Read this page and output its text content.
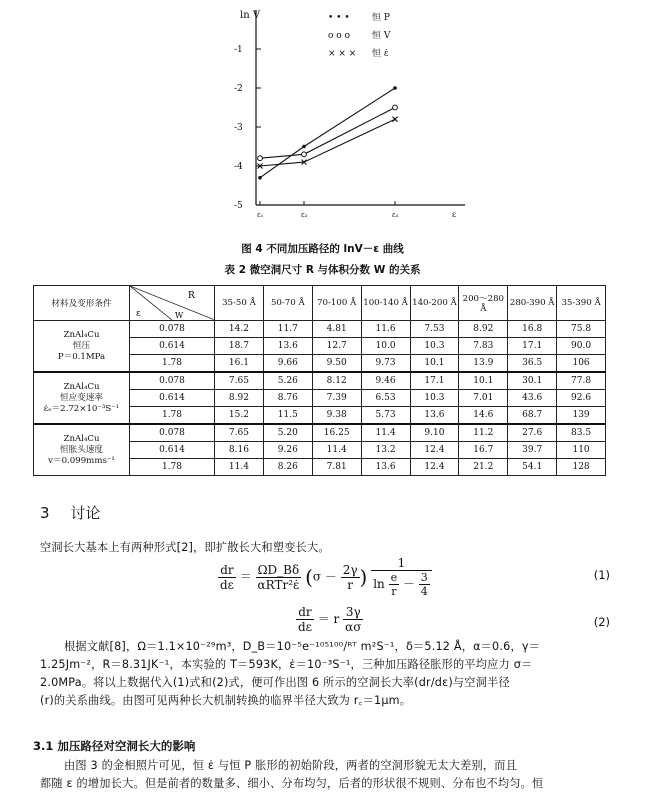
ln V
-1
-2
-3
-4
-5
ε₁	ε₂	ε₃	ε
• • • 恒 P
o o o 恒 V
× × × 恒 ε̇
图 4 不同加压路径的 lnV－ε 曲线
表 2 微空洞尺寸 R 与体积分数 W 的关系
材料及变形条件	R
ε W	35-50 Å	50-70 Å	70-100 Å	100-140 Å	140-200 Å	200～280 Å	280-390 Å	35-390 Å

ZnAl₄Cu
恒压
P＝0.1MPa	0.078	14.2	11.7	4.81	11.6	7.53	8.92	16.8	75.8
	0.614	18.7	13.6	12.7	10.0	10.3	7.83	17.1	90.0
	1.78	16.1	9.66	9.50	9.73	10.1	13.9	36.5	106

ZnAl₄Cu
恒应变速率
ε̇ₑ＝2.72×10⁻³S⁻¹	0.078	7.65	5.26	8.12	9.46	17.1	10.1	30.1	77.8
	0.614	8.92	8.76	7.39	6.53	10.3	7.01	43.6	92.6
	1.78	15.2	11.5	9.38	5.73	13.6	14.6	68.7	139

ZnAl₄Cu
恒胀头速度
v＝0.099mms⁻¹	0.078	7.65	5.20	16.25	11.4	9.10	11.2	27.6	83.5
	0.614	8.16	9.26	11.4	13.2	12.4	16.7	39.7	110
	1.78	11.4	8.26	7.81	13.6	12.4	21.2	54.1	128
3 讨论
空洞长大基本上有两种形式[2]，即扩散长大和塑变长大。
$\frac{dr}{d\varepsilon} = \frac{\Omega D\_B\delta}{\text{αRTr²ε̇}} (\sigma - \frac{2\gamma}{r}$ ) $\frac{1}{\ln \frac{e}{r} - \frac{3}{4}}$	(1)
$\frac{dr}{d\varepsilon} = r \frac{3\gamma}{\alpha\sigma}$	(2)
根据文献[8]，Ω＝1.1×10⁻²⁹m³，D_B＝10⁻⁵e⁻¹⁰⁵¹⁰⁰/ᴿᵀ m²S⁻¹，δ＝5.12 Å，α＝0.6，γ＝
1.25Jm⁻²，R＝8.31JK⁻¹，本实验的 T＝593K，ε̇＝10⁻³S⁻¹，三种加压路径胀形的平均应力 σ＝
2.0MPa。将以上数据代入(1)式和(2)式，便可作出图 6 所示的空洞长大率(dr/dε)与空洞半径
(r)的关系曲线。由图可见两种长大机制转换的临界半径大致为 r꜀＝1μm。
3.1 加压路径对空洞长大的影响
由图 3 的金相照片可见，恒 ε̇ 与恒 P 胀形的初始阶段，两者的空洞形貌无太大差别，而且
都随 ε 的增加长大。但是前者的数量多、细小、分布均匀，后者的形状很不规则、分布也不均匀。恒
